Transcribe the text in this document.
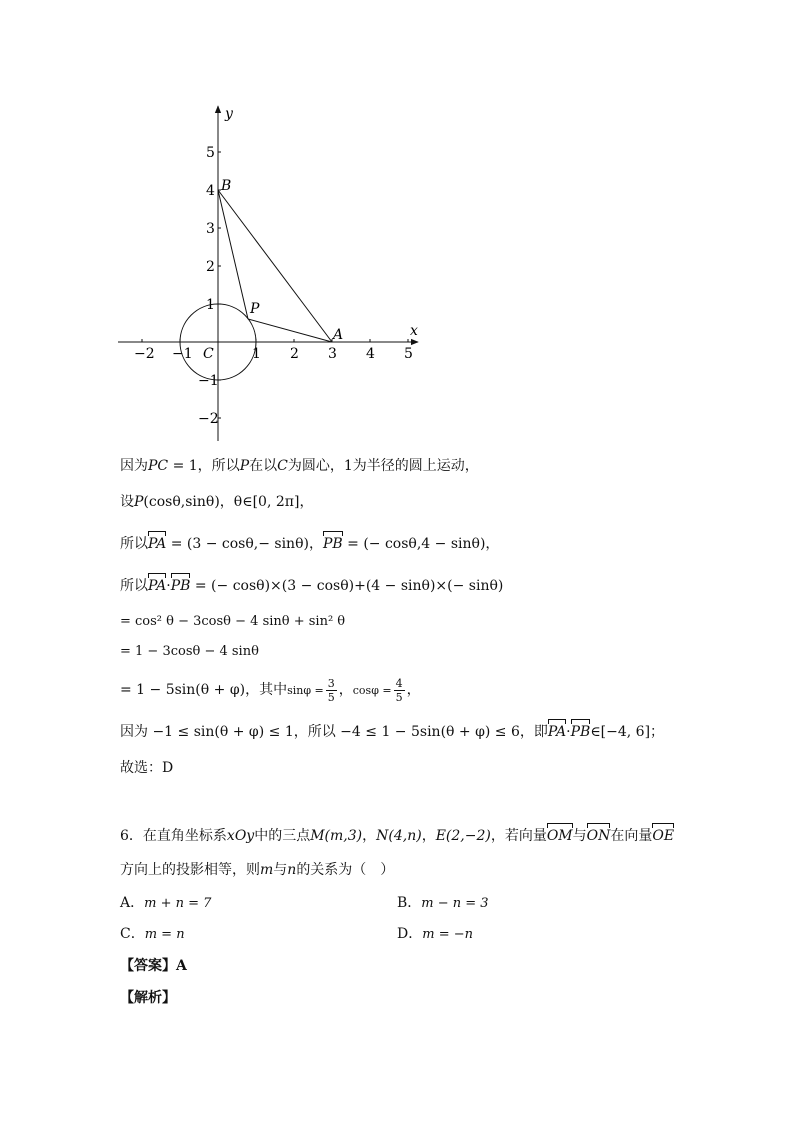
x
y
−2 −1	1 2 3 4 5
5
4
3
2
1
−1
−2
B
P
A
C
因为PC = 1，所以P在以C为圆心，1为半径的圆上运动，
设P(cosθ,sinθ)，θ∈[0, 2π]，
所以PA = (3 − cosθ,− sinθ)，PB = (− cosθ,4 − sinθ)，
所以PA·PB = (− cosθ)×(3 − cosθ)+(4 − sinθ)×(− sinθ)
= cos² θ − 3cosθ − 4 sinθ + sin² θ
= 1 − 3cosθ − 4 sinθ
= 1 − 5sin(θ + φ)，其中$\sin\varphi = \frac{3}{5}$ ，$\cos\varphi = \frac{4}{5}$ ，
因为 −1 ≤ sin(θ + φ) ≤ 1，所以 −4 ≤ 1 − 5sin(θ + φ) ≤ 6，即PA·PB∈[−4, 6]；
故选：D
6．在直角坐标系xOy中的三点M(m,3)，N(4,n)，E(2,−2)，若向量OM与ON在向量OE
方向上的投影相等，则m与n的关系为（　）
A．m + n = 7	B．m − n = 3
C．m = n	D．m = −n
【答案】A
【解析】
